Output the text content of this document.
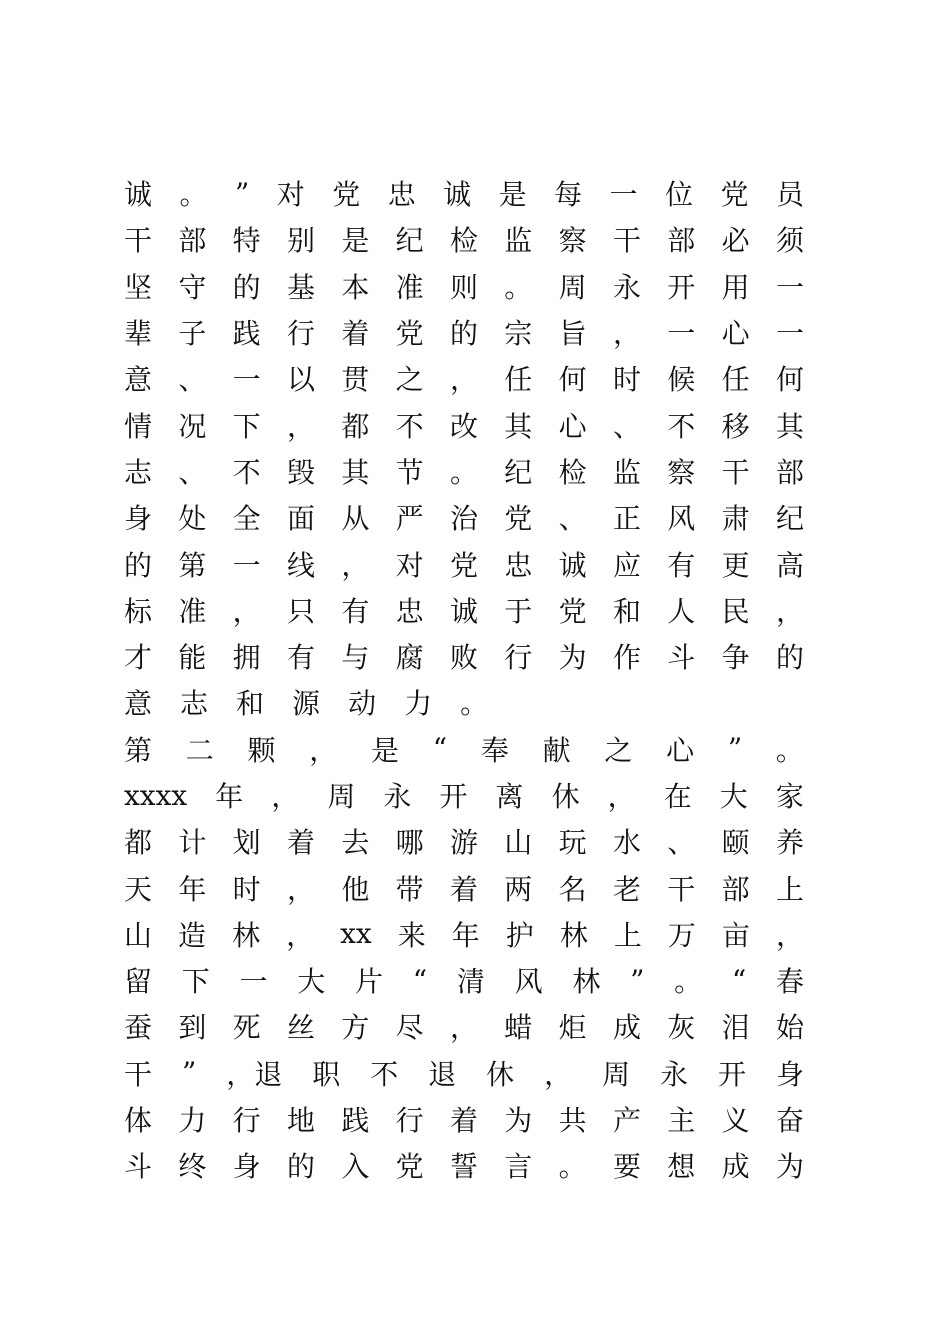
诚 。 ” 对 党 忠 诚 是 每 一 位 党 员
干 部 特 别 是 纪 检 监 察 干 部 必 须
坚 守 的 基 本 准 则 。 周 永 开 用 一
辈 子 践 行 着 党 的 宗 旨 ， 一 心 一
意 、 一 以 贯 之 ， 任 何 时 候 任 何
情 况 下 ， 都 不 改 其 心 、 不 移 其
志 、 不 毁 其 节 。 纪 检 监 察 干 部
身 处 全 面 从 严 治 党 、 正 风 肃 纪
的 第 一 线 ， 对 党 忠 诚 应 有 更 高
标 准 ， 只 有 忠 诚 于 党 和 人 民 ，
才 能 拥 有 与 腐 败 行 为 作 斗 争 的
意 志 和 源 动 力 。
第 二 颗 ， 是 “ 奉 献 之 心 ” 。
xxxx 年 ， 周 永 开 离 休 ， 在 大 家
都 计 划 着 去 哪 游 山 玩 水 、 颐 养
天 年 时 ， 他 带 着 两 名 老 干 部 上
山 造 林 ， xx 来 年 护 林 上 万 亩 ，
留 下 一 大 片 “ 清 风 林 ” 。 “ 春
蚕 到 死 丝 方 尽 ， 蜡 炬 成 灰 泪 始
干 ” ，退 职 不 退 休 ， 周 永 开 身
体 力 行 地 践 行 着 为 共 产 主 义 奋
斗 终 身 的 入 党 誓 言 。 要 想 成 为
